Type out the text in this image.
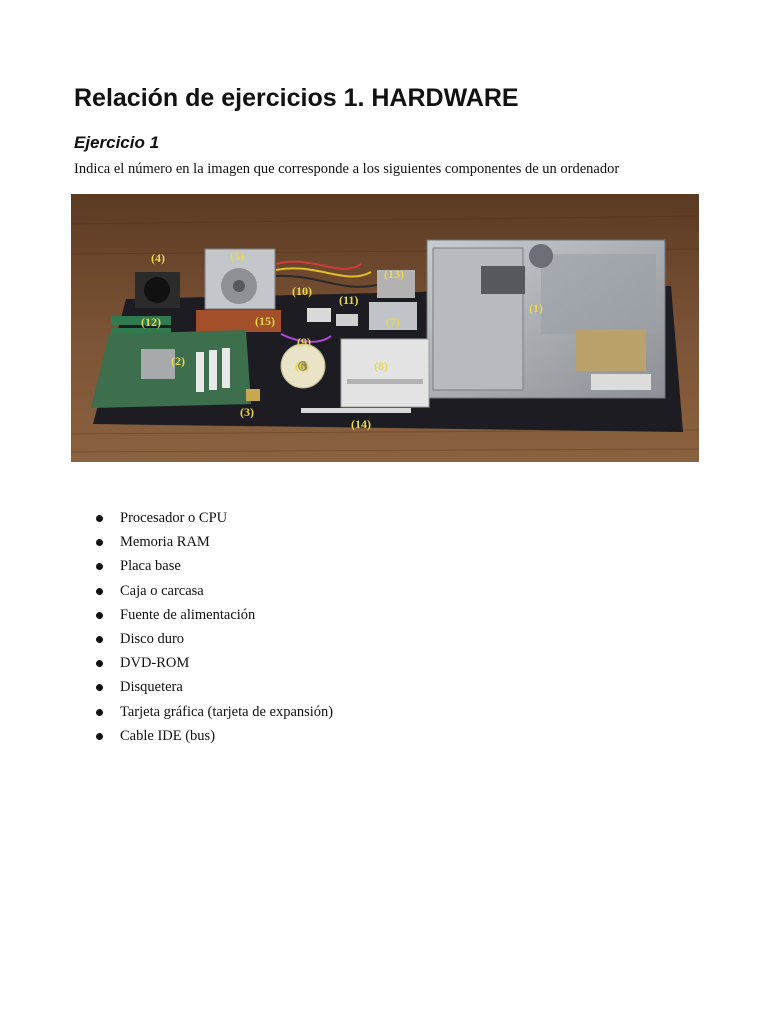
Relación de ejercicios 1. HARDWARE
Ejercicio 1
Indica el número en la imagen que corresponde a los siguientes componentes de un ordenador
(1)
(2)
(3)
(4)	(5)
(6)
(7)
(8)
(9)
(10)
(11)
(12)
(13)
(14)
(15)
Procesador o CPU
Memoria RAM
Placa base
Caja o carcasa
Fuente de alimentación
Disco duro
DVD-ROM
Disquetera
Tarjeta gráfica (tarjeta de expansión)
Cable IDE (bus)
